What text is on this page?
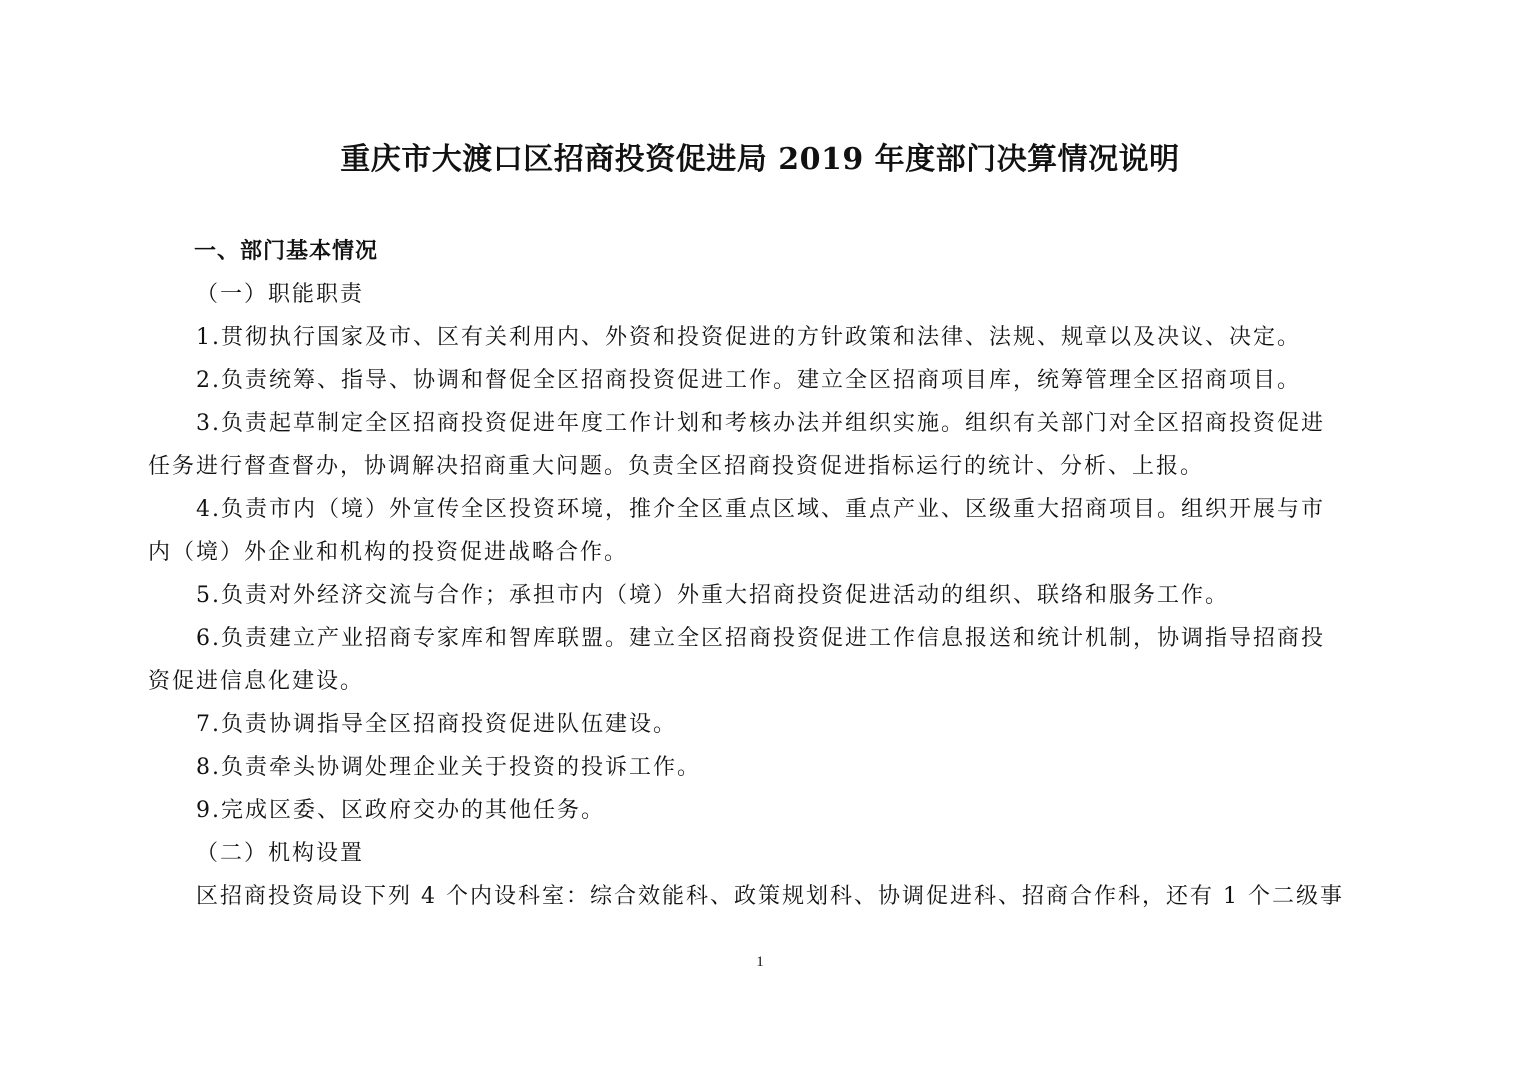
重庆市大渡口区招商投资促进局 2019 年度部门决算情况说明
一、部门基本情况
（一）职能职责
1.贯彻执行国家及市、区有关利用内、外资和投资促进的方针政策和法律、法规、规章以及决议、决定。
2.负责统筹、指导、协调和督促全区招商投资促进工作。建立全区招商项目库，统筹管理全区招商项目。
3.负责起草制定全区招商投资促进年度工作计划和考核办法并组织实施。组织有关部门对全区招商投资促进
任务进行督查督办，协调解决招商重大问题。负责全区招商投资促进指标运行的统计、分析、上报。
4.负责市内（境）外宣传全区投资环境，推介全区重点区域、重点产业、区级重大招商项目。组织开展与市
内（境）外企业和机构的投资促进战略合作。
5.负责对外经济交流与合作；承担市内（境）外重大招商投资促进活动的组织、联络和服务工作。
6.负责建立产业招商专家库和智库联盟。建立全区招商投资促进工作信息报送和统计机制，协调指导招商投
资促进信息化建设。
7.负责协调指导全区招商投资促进队伍建设。
8.负责牵头协调处理企业关于投资的投诉工作。
9.完成区委、区政府交办的其他任务。
（二）机构设置
区招商投资局设下列 4 个内设科室：综合效能科、政策规划科、协调促进科、招商合作科，还有 1 个二级事
1
